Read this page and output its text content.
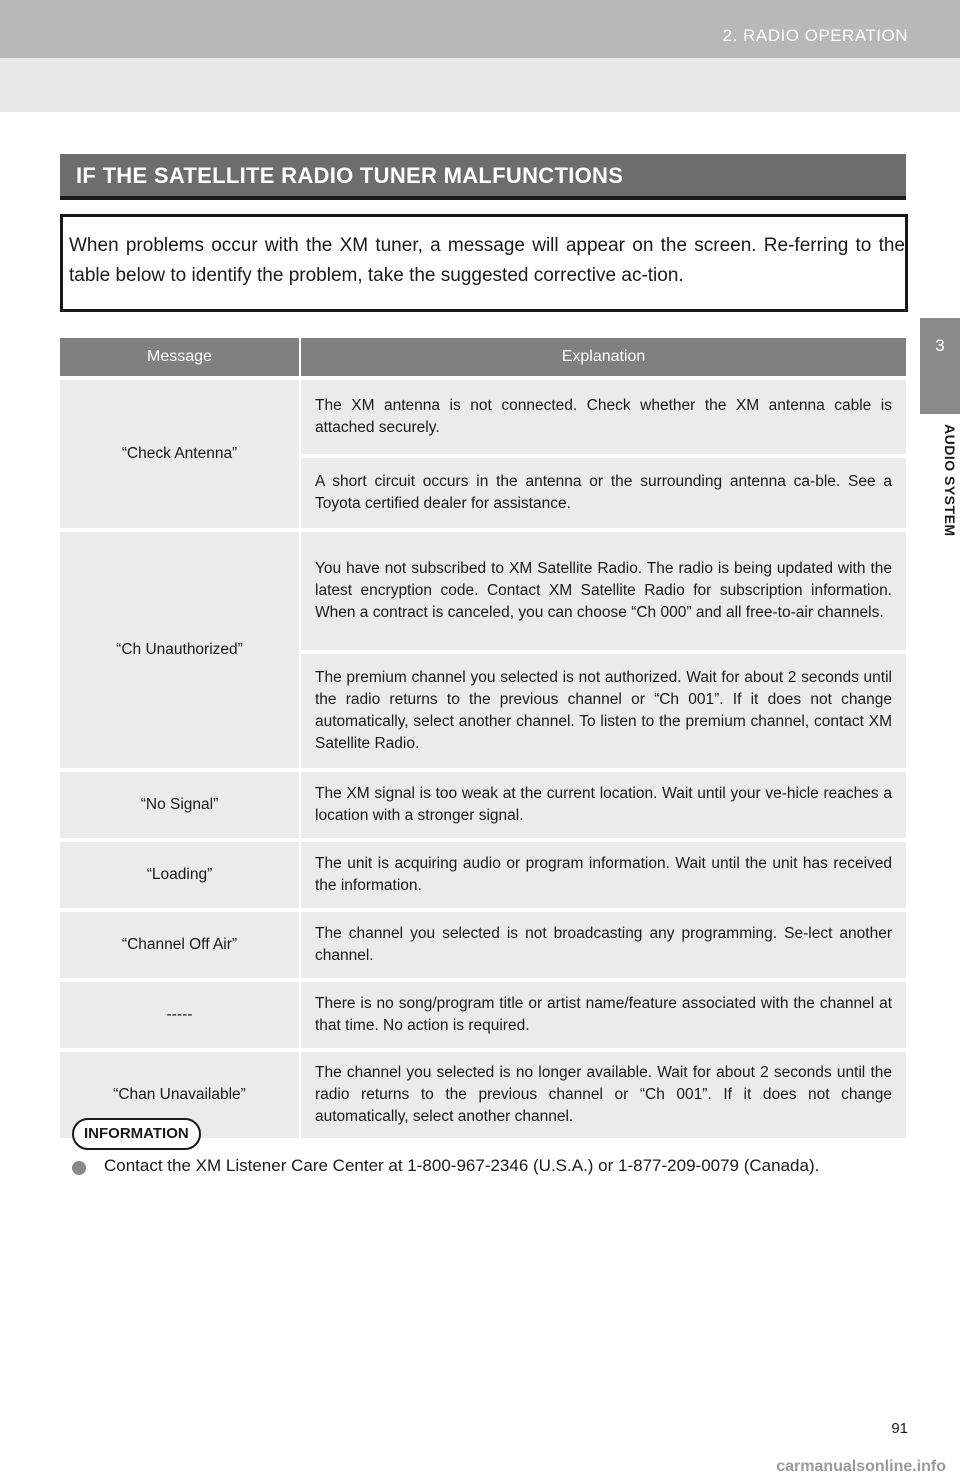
2. RADIO OPERATION
3
AUDIO SYSTEM
IF THE SATELLITE RADIO TUNER MALFUNCTIONS
When problems occur with the XM tuner, a message will appear on the screen. Re-ferring to the table below to identify the problem, take the suggested corrective ac-tion.
Message	Explanation
“Check Antenna”	The XM antenna is not connected. Check whether the XM antenna cable is attached securely.
	A short circuit occurs in the antenna or the surrounding antenna ca-ble. See a Toyota certified dealer for assistance.
“Ch Unauthorized”	You have not subscribed to XM Satellite Radio. The radio is being updated with the latest encryption code. Contact XM Satellite Radio for subscription information. When a contract is canceled, you can choose “Ch 000” and all free-to-air channels.
	The premium channel you selected is not authorized. Wait for about 2 seconds until the radio returns to the previous channel or “Ch 001”. If it does not change automatically, select another channel. To listen to the premium channel, contact XM Satellite Radio.
“No Signal”	The XM signal is too weak at the current location. Wait until your ve-hicle reaches a location with a stronger signal.
“Loading”	The unit is acquiring audio or program information. Wait until the unit has received the information.
“Channel Off Air”	The channel you selected is not broadcasting any programming. Se-lect another channel.
-----	There is no song/program title or artist name/feature associated with the channel at that time. No action is required.
“Chan Unavailable”	The channel you selected is no longer available. Wait for about 2 seconds until the radio returns to the previous channel or “Ch 001”. If it does not change automatically, select another channel.
INFORMATION
Contact the XM Listener Care Center at 1-800-967-2346 (U.S.A.) or 1-877-209-0079 (Canada).
91
carmanualsonline.info
